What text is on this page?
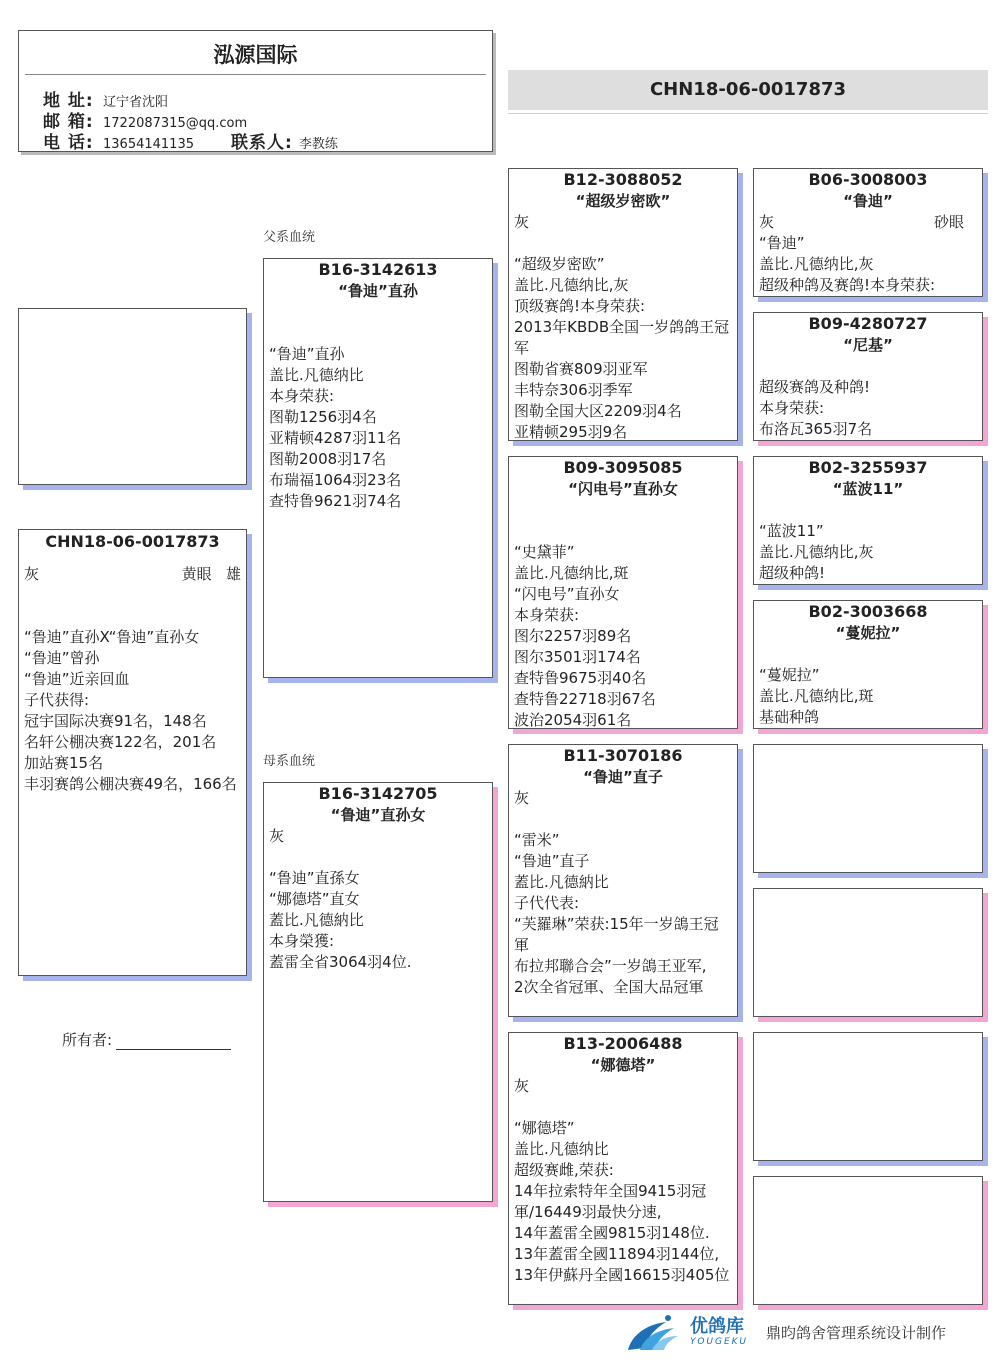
泓源国际
地 址: 辽宁省沈阳
邮 箱: 1722087315@qq.com
电 话: 13654141135	联系人: 李教练
CHN18-06-0017873
CHN18-06-0017873
灰	黄眼 雄
“鲁迪”直孙X“鲁迪”直孙女
“鲁迪”曾孙
“鲁迪”近亲回血
子代获得:
冠宇国际决赛91名，148名
名轩公棚决赛122名，201名
加站赛15名
丰羽赛鸽公棚决赛49名，166名
所有者:
父系血统
母系血统
B16-3142613
“鲁迪”直孙
“鲁迪”直孙
盖比.凡德纳比
本身荣获:
图勒1256羽4名
亚精顿4287羽11名
图勒2008羽17名
布瑞福1064羽23名
查特鲁9621羽74名
B16-3142705
“鲁迪”直孙女
灰
“鲁迪”直孫女
“娜德塔”直女
蓋比.凡德納比
本身榮獲:
蓋雷全省3064羽4位.
B12-3088052
“超级岁密欧”
灰
“超级岁密欧”
盖比.凡德纳比,灰
顶级赛鸽!本身荣获:
2013年KBDB全国一岁鸽鸽王冠军
图勒省赛809羽亚军
丰特奈306羽季军
图勒全国大区2209羽4名
亚精顿295羽9名
B09-3095085
“闪电号”直孙女
“史黛菲”
盖比.凡德纳比,斑
“闪电号”直孙女
本身荣获:
图尔2257羽89名
图尔3501羽174名
查特鲁9675羽40名
查特鲁22718羽67名
波治2054羽61名
B11-3070186
“鲁迪”直子
灰
“雷米”
“鲁迪”直子
蓋比.凡德納比
子代代表:
“芙羅琳”荣获:15年一岁鴿王冠軍
布拉邦聯合会”一岁鴿王亚军,
2次全省冠軍、全国大品冠軍
B13-2006488
“娜德塔”
灰
“娜德塔”
盖比.凡德纳比
超级赛雌,荣获:
14年拉索特年全国9415羽冠軍/16449羽最快分速,
14年蓋雷全國9815羽148位.
13年蓋雷全國11894羽144位,
13年伊蘇丹全國16615羽405位
B06-3008003
“鲁迪”
灰	砂眼
“鲁迪”
盖比.凡德纳比,灰
超级种鸽及赛鸽!本身荣获:
B09-4280727
“尼基”
超级赛鸽及种鸽!
本身荣获:
布洛瓦365羽7名
B02-3255937
“蓝波11”
“蓝波11”
盖比.凡德纳比,灰
超级种鸽!
B02-3003668
“蔓妮拉”
“蔓妮拉”
盖比.凡德纳比,斑
基础种鸽
优鸽库
YOUGEKU
鼎昀鸽舍管理系统设计制作
